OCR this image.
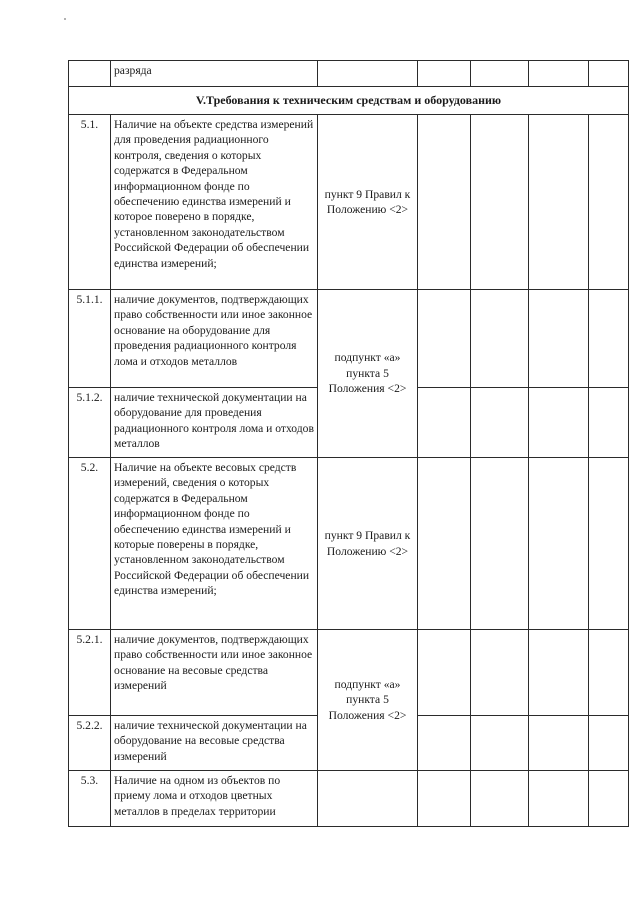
	разряда					
V.Требования к техническим средствам и оборудованию						
5.1.	Наличие на объекте средства измерений для проведения радиационного контроля, сведения о которых содержатся в Федеральном информационном фонде по обеспечению единства измерений и которое поверено в порядке, установленном законодательством Российской Федерации об обеспечении единства измерений;	пункт 9 Правил к Положению <2>				
5.1.1.	наличие документов, подтверждающих право собственности или иное законное основание на оборудование для проведения радиационного контроля лома и отходов металлов	подпункт «а» пункта 5 Положения <2>				
5.1.2.	наличие технической документации на оборудование для проведения радиационного контроля лома и отходов металлов					
5.2.	Наличие на объекте весовых средств измерений, сведения о которых содержатся в Федеральном информационном фонде по обеспечению единства измерений и которые поверены в порядке, установленном законодательством Российской Федерации об обеспечении единства измерений;	пункт 9 Правил к Положению <2>				
5.2.1.	наличие документов, подтверждающих право собственности или иное законное основание на весовые средства измерений	подпункт «а» пункта 5 Положения <2>				
5.2.2.	наличие технической документации на оборудование на весовые средства измерений					
5.3.	Наличие на одном из объектов по приему лома и отходов цветных металлов в пределах территории					
